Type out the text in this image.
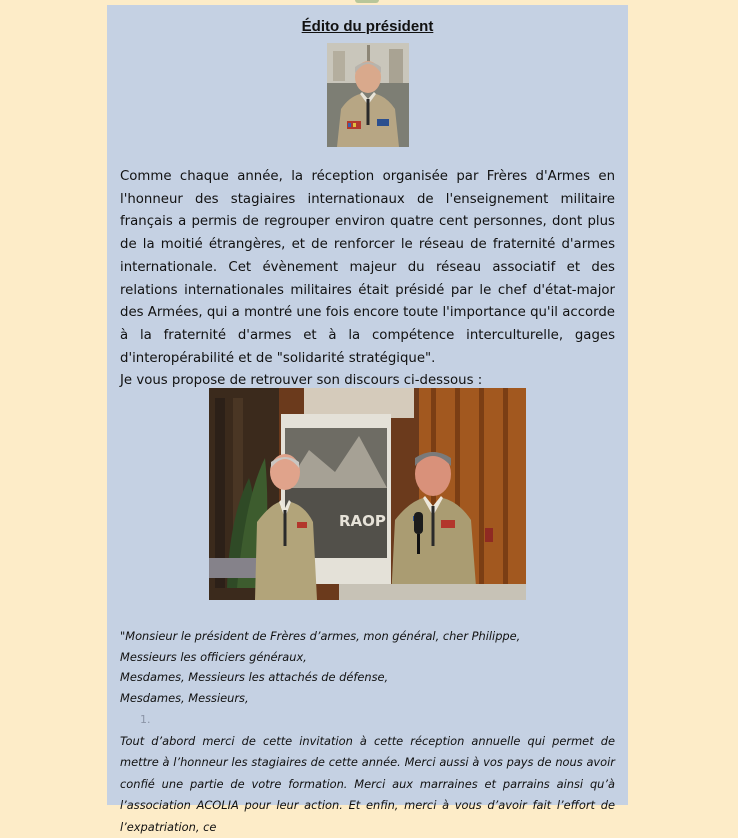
Édito du président

Comme chaque année, la réception organisée par Frères d'Armes en l'honneur des stagiaires internationaux de l'enseignement militaire français a permis de regrouper environ quatre cent personnes, dont plus de la moitié étrangères, et de renforcer le réseau de fraternité d'armes internationale. Cet évènement majeur du réseau associatif et des relations internationales militaires était présidé par le chef d'état-major des Armées, qui a montré une fois encore toute l'importance qu'il accorde à la fraternité d'armes et à la compétence interculturelle, gages d'interopérabilité et de "solidarité stratégique".

Je vous propose de retrouver son discours ci-dessous :

RAOP
"Monsieur le président de Frères d’armes, mon général, cher Philippe,
Messieurs les officiers généraux,
Mesdames, Messieurs les attachés de défense,
Mesdames, Messieurs,
1.

Tout d’abord merci de cette invitation à cette réception annuelle qui permet de mettre à l’honneur les stagiaires de cette année. Merci aussi à vos pays de nous avoir confié une partie de votre formation. Merci aux marraines et parrains ainsi qu’à l’association ACOLIA pour leur action. Et enfin, merci à vous d’avoir fait l’effort de l’expatriation, ce
